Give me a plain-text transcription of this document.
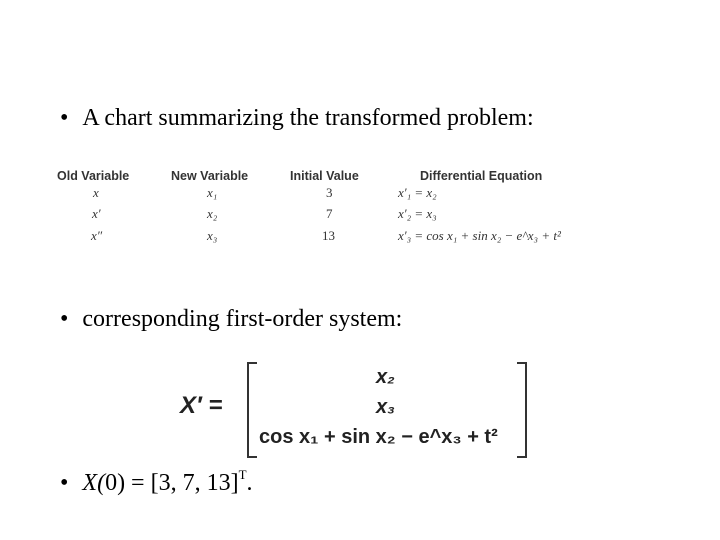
• A chart summarizing the transformed problem:
Old Variable	New Variable	Initial Value	Differential Equation
x	x₁	3	x′₁ = x₂
x′	x₂	7	x′₂ = x₃
x″	x₃	13	x′₃ = cos x₁ + sin x₂ − e^x₃ + t²
• corresponding first-order system:
X′ =
x₂
x₃
cos x₁ + sin x₂ − e^x₃ + t²
• X(0) = [3, 7, 13]$^T$.
